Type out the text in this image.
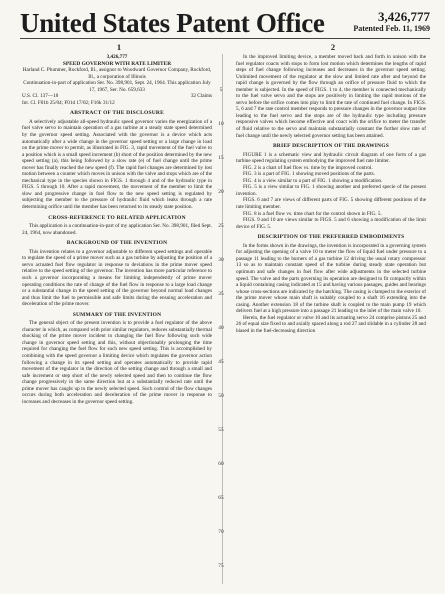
United States Patent Office	3,426,777
Patented Feb. 11, 1969
1	2
3,426,777
SPEED GOVERNOR WITH RATE LIMITER
Harland C. Plummer, Rockford, Ill., assignor to Woodward Governor Company, Rockford, Ill., a corporation of Illinois
Continuation-in-part of application Ser. No. 398,901, Sept. 24, 1964. This application July 17, 1967, Ser. No. 659,633
U.S. Cl. 137—18	32 Claims
Int. Cl. F01b 25/04; F01d 17/02; F16k 31/12
ABSTRACT OF THE DISCLOSURE

A selectively adjustable all-speed hydraulic speed governor varies the energization of a fuel valve servo to maintain operation of a gas turbine at a steady state speed determined by the governor speed setting. Associated with the governor is a device which acts automatically after a wide change in the governor speed setting or a large change in load on the prime mover to permit, as illustrated in FIG. 3, rapid movement of the fuel valve to a position which is a small speed increment (b) short of the position determined by the new speed setting (a), this being followed by a slow rate (e) of fuel change until the prime mover has finally reached the new speed (f). The rapid fuel changes are determined by lost motion between a counter which moves in unison with the valve and stops which are of the mechanical type in the species shown in FIGS. 1 through 4 and of the hydraulic type in FIGS. 5 through 10. After a rapid movement, the movement of the member to limit the slow and progressive change in fuel flow to the new speed setting is regulated by subjecting the member to the pressure of hydraulic fluid which leaks through a rate determining orifice until the member has been returned to its steady state position.

CROSS-REFERENCE TO RELATED APPLICATION

This application is a continuation-in-part of my application Ser. No. 398,901, filed Sept. 24, 1964, now abandoned.

BACKGROUND OF THE INVENTION

This invention relates to a governor adjustable to different speed settings and operable to regulate the speed of a prime mover such as a gas turbine by adjusting the position of a servo actuated fuel flow regulator in response to deviations in the prime mover speed relative to the speed setting of the governor. The invention has more particular reference to such a governor incorporating a means for limiting independently of prime mover operating conditions the rate of change of the fuel flow in response to a large load change or a substantial change in the speed setting of the governor beyond normal load changes and thus limit the fuel to permissible and safe limits during the ensuing acceleration and deceleration of the prime mover.

SUMMARY OF THE INVENTION

The general object of the present invention is to provide a fuel regulator of the above character in which, as compared with prior similar regulators, reduces substantially thermal shocking of the prime mover incident to changing the fuel flow following such wide change in governor speed setting and this, without objectionably prolonging the time required for changing the fuel flow for such new speed setting. This is accomplished by combining with the speed governor a limiting device which regulates the governor action following a change in its speed setting and operates automatically to provide rapid movement of the regulator in the direction of the setting change and through a small and safe increment or step short of the newly selected speed and then to continue the flow change progressively in the same direction but at a substantially reduced rate until the prime mover has caught up to the newly selected speed. Such control of the flow changes occurs during both acceleration and deceleration of the prime mover in response to increases and decreases in the governor speed setting.

5
10
15
20
25
30
35
40
45
50
55
60
65
70
75

In the improved limiting device, a member moved back and forth in unison with the fuel regulator coacts with stops to form lost motion which determines the lengths of rapid steps of fuel change following increases and decreases in the governor speed setting. Unlimited movement of the regulator at the slow and limited rate after and beyond the rapid change is governed by the flow through an orifice of pressure fluid to which the member is subjected. In the speed of FIGS. 1 to 4, the member is connected mechanically to the fuel valve servo and the stops are positively in limiting the rapid motions of the servo before the orifice comes into play to limit the rate of continued fuel change. In FIGS. 5, 6 and 7 the rate control member responds to pressure changes in the governor output line leading to the fuel servo and the stops are of the hydraulic type including pressure responsive valves which become effective and coact with the orifice to meter the transfer of fluid relative to the servo and maintain substantially constant the further slow rate of fuel change until the newly selected governor setting has been attained.

BRIEF DESCRIPTION OF THE DRAWINGS

FIGURE 1 is a schematic view and hydraulic circuit diagram of one form of a gas turbine speed regulating system embodying the improved fuel rate limiter.

FIG. 2 is a chart of fuel flow vs. time by the improved control.

FIG. 3 is a part of FIG. 1 showing moved positions of the parts.

FIG. 4 is a view similar to a part of FIG. 1 showing a modification.

FIG. 5 is a view similar to FIG. 1 showing another and preferred specie of the present invention.

FIGS. 6 and 7 are views of different parts of FIG. 5 showing different positions of the rate limiting member.

FIG. 8 is a fuel flow vs. time chart for the control shown in FIG. 5.

FIGS. 9 and 10 are views similar to FIGS. 5 and 6 showing a modification of the limit device of FIG. 5.

DESCRIPTION OF THE PREFERRED EMBODIMENTS

In the forms shown in the drawings, the invention is incorporated in a governing system for adjusting the opening of a valve 10 to meter the flow of liquid fuel under pressure to a passage 11 leading to the burners of a gas turbine 12 driving the usual rotary compressor 13 so as to maintain constant speed of the turbine during steady state operation but optimum and safe changes in fuel flow after wide adjustments in the selected turbine speed. The valve and the parts governing its operation are designed to fit compactly within a liquid containing casing indicated at 15 and having various passages, guides and bearings whose cross-sections are indicated by the hatching. The casing is clamped to the exterior of the prime mover whose main shaft is suitably coupled to a shaft 16 extending into the casing. Another extension 18 of the turbine shaft is coupled to the main pump 19 which delivers fuel at a high pressure into a passage 21 leading to the inlet of the main valve 10.

Herein, the fuel regulator or valve 10 and its actuating servo 24 comprise pistons 25 and 26 of equal size fixed to and axially spaced along a rod 27 and slidable in a cylinder 28 and biased in the fuel-decreasing direction
